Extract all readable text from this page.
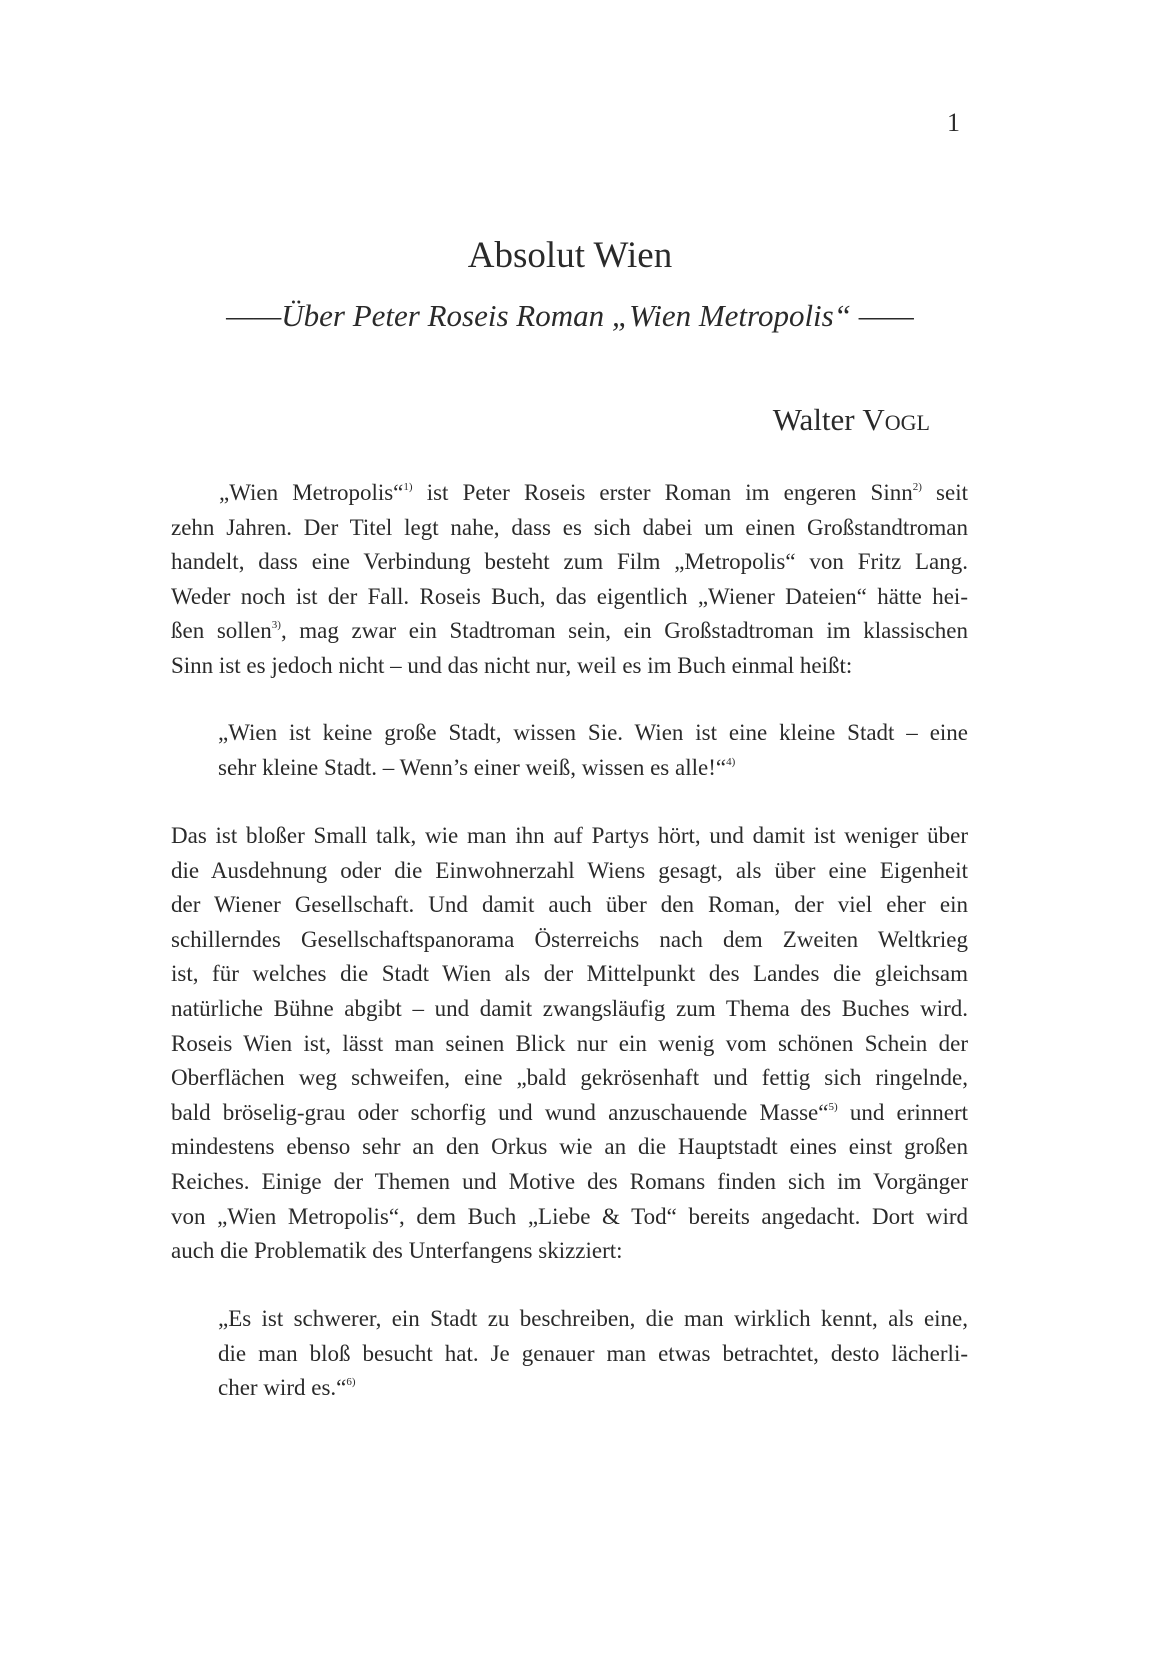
1
Absolut Wien
——Über Peter Roseis Roman „Wien Metropolis“ ——
Walter Vogl
„Wien Metropolis“$^{1)}$ ist Peter Roseis erster Roman im engeren Sinn$^{2)}$ seit
zehn Jahren. Der Titel legt nahe, dass es sich dabei um einen Großstandtroman
handelt, dass eine Verbindung besteht zum Film „Metropolis“ von Fritz Lang.
Weder noch ist der Fall. Roseis Buch, das eigentlich „Wiener Dateien“ hätte hei-
ßen sollen$^{3)}$, mag zwar ein Stadtroman sein, ein Großstadtroman im klassischen
Sinn ist es jedoch nicht – und das nicht nur, weil es im Buch einmal heißt:
„Wien ist keine große Stadt, wissen Sie. Wien ist eine kleine Stadt – eine
sehr kleine Stadt. – Wenn’s einer weiß, wissen es alle!“$^{4)}$
Das ist bloßer Small talk, wie man ihn auf Partys hört, und damit ist weniger über
die Ausdehnung oder die Einwohnerzahl Wiens gesagt, als über eine Eigenheit
der Wiener Gesellschaft. Und damit auch über den Roman, der viel eher ein
schillerndes Gesellschaftspanorama Österreichs nach dem Zweiten Weltkrieg
ist, für welches die Stadt Wien als der Mittelpunkt des Landes die gleichsam
natürliche Bühne abgibt – und damit zwangsläufig zum Thema des Buches wird.
Roseis Wien ist, lässt man seinen Blick nur ein wenig vom schönen Schein der
Oberflächen weg schweifen, eine „bald gekrösenhaft und fettig sich ringelnde,
bald bröselig-grau oder schorfig und wund anzuschauende Masse“$^{5)}$ und erinnert
mindestens ebenso sehr an den Orkus wie an die Hauptstadt eines einst großen
Reiches. Einige der Themen und Motive des Romans finden sich im Vorgänger
von „Wien Metropolis“, dem Buch „Liebe & Tod“ bereits angedacht. Dort wird
auch die Problematik des Unterfangens skizziert:
„Es ist schwerer, ein Stadt zu beschreiben, die man wirklich kennt, als eine,
die man bloß besucht hat. Je genauer man etwas betrachtet, desto lächerli-
cher wird es.“$^{6)}$
